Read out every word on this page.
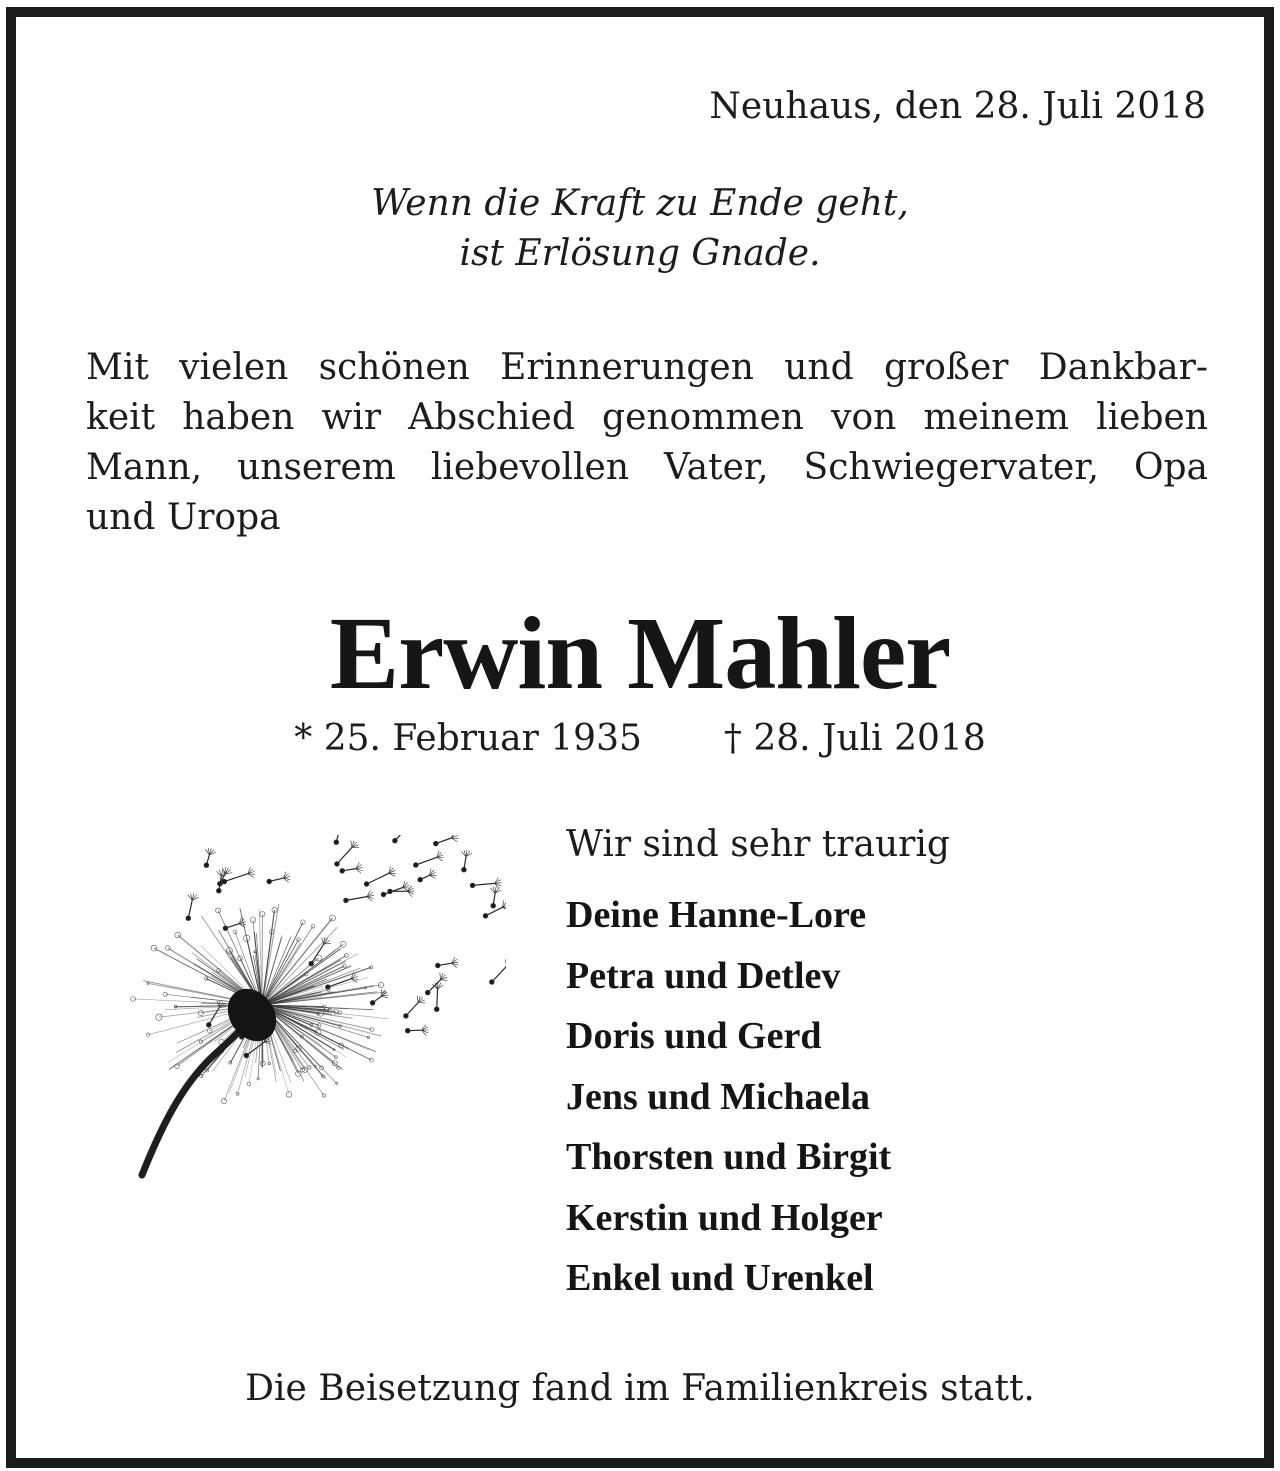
Neuhaus, den 28. Juli 2018
Wenn die Kraft zu Ende geht,
ist Erlösung Gnade.
Mit vielen schönen Erinnerungen und großer Dankbar-
keit haben wir Abschied genommen von meinem lieben
Mann, unserem liebevollen Vater, Schwiegervater, Opa
und Uropa
Erwin Mahler
* 25. Februar 1935 † 28. Juli 2018
Wir sind sehr traurig
Deine Hanne-Lore
Petra und Detlev
Doris und Gerd
Jens und Michaela
Thorsten und Birgit
Kerstin und Holger
Enkel und Urenkel
Die Beisetzung fand im Familienkreis statt.
